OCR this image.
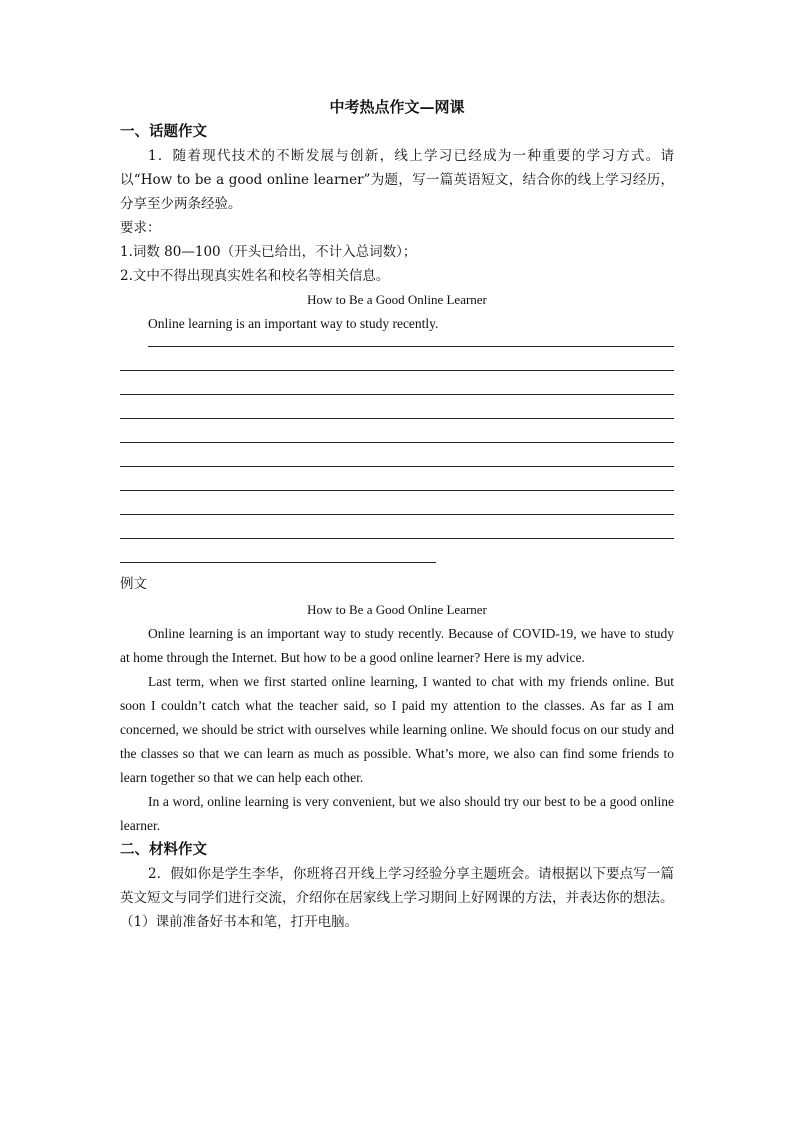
中考热点作文—网课

一、话题作文

1．随着现代技术的不断发展与创新，线上学习已经成为一种重要的学习方式。请以“How to be a good online learner”为题，写一篇英语短文，结合你的线上学习经历，分享至少两条经验。

要求：

1.词数 80—100（开头已给出，不计入总词数）；

2.文中不得出现真实姓名和校名等相关信息。

How to Be a Good Online Learner

Online learning is an important way to study recently.

例文

How to Be a Good Online Learner

Online learning is an important way to study recently. Because of COVID-19, we have to study at home through the Internet. But how to be a good online learner? Here is my advice.

Last term, when we first started online learning, I wanted to chat with my friends online. But soon I couldn’t catch what the teacher said, so I paid my attention to the classes. As far as I am concerned, we should be strict with ourselves while learning online. We should focus on our study and the classes so that we can learn as much as possible. What’s more, we also can find some friends to learn together so that we can help each other.

In a word, online learning is very convenient, but we also should try our best to be a good online learner.

二、材料作文

2．假如你是学生李华，你班将召开线上学习经验分享主题班会。请根据以下要点写一篇英文短文与同学们进行交流，介绍你在居家线上学习期间上好网课的方法，并表达你的想法。

（1）课前准备好书本和笔，打开电脑。
